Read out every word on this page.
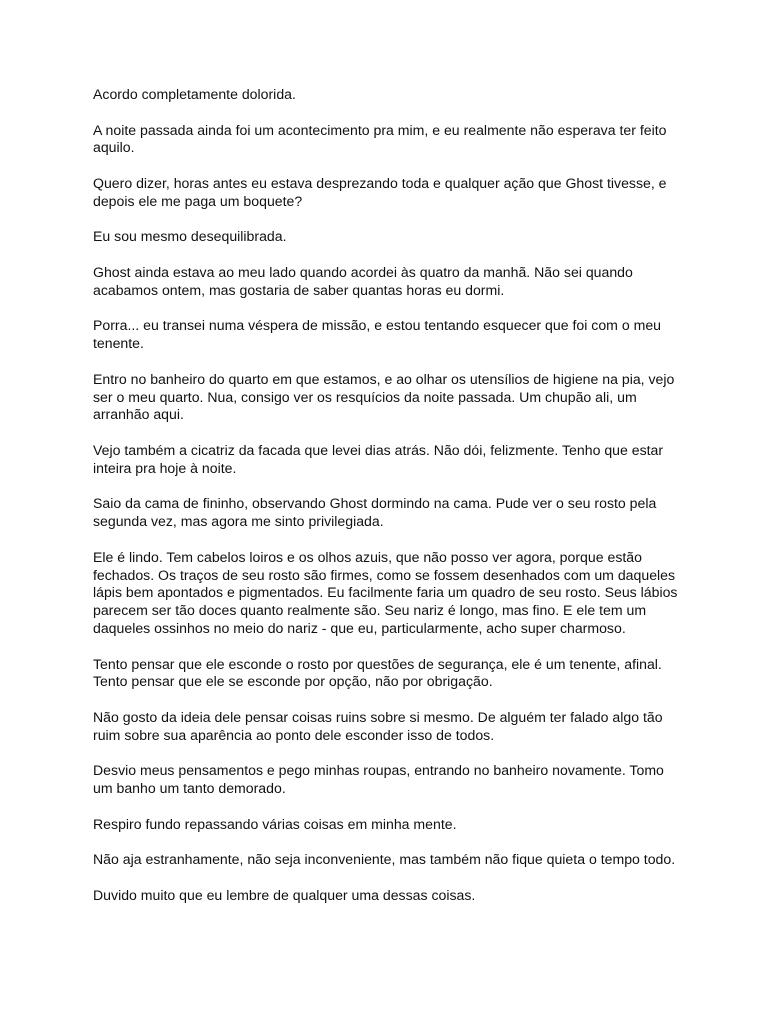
Acordo completamente dolorida.

A noite passada ainda foi um acontecimento pra mim, e eu realmente não esperava ter feito aquilo.

Quero dizer, horas antes eu estava desprezando toda e qualquer ação que Ghost tivesse, e depois ele me paga um boquete?

Eu sou mesmo desequilibrada.

Ghost ainda estava ao meu lado quando acordei às quatro da manhã. Não sei quando acabamos ontem, mas gostaria de saber quantas horas eu dormi.

Porra... eu transei numa véspera de missão, e estou tentando esquecer que foi com o meu tenente.

Entro no banheiro do quarto em que estamos, e ao olhar os utensílios de higiene na pia, vejo ser o meu quarto. Nua, consigo ver os resquícios da noite passada. Um chupão ali, um arranhão aqui.

Vejo também a cicatriz da facada que levei dias atrás. Não dói, felizmente. Tenho que estar inteira pra hoje à noite.

Saio da cama de fininho, observando Ghost dormindo na cama. Pude ver o seu rosto pela segunda vez, mas agora me sinto privilegiada.

Ele é lindo. Tem cabelos loiros e os olhos azuis, que não posso ver agora, porque estão fechados. Os traços de seu rosto são firmes, como se fossem desenhados com um daqueles lápis bem apontados e pigmentados. Eu facilmente faria um quadro de seu rosto. Seus lábios parecem ser tão doces quanto realmente são. Seu nariz é longo, mas fino. E ele tem um daqueles ossinhos no meio do nariz - que eu, particularmente, acho super charmoso.

Tento pensar que ele esconde o rosto por questões de segurança, ele é um tenente, afinal. Tento pensar que ele se esconde por opção, não por obrigação.

Não gosto da ideia dele pensar coisas ruins sobre si mesmo. De alguém ter falado algo tão ruim sobre sua aparência ao ponto dele esconder isso de todos.

Desvio meus pensamentos e pego minhas roupas, entrando no banheiro novamente. Tomo um banho um tanto demorado.

Respiro fundo repassando várias coisas em minha mente.

Não aja estranhamente, não seja inconveniente, mas também não fique quieta o tempo todo.

Duvido muito que eu lembre de qualquer uma dessas coisas.
